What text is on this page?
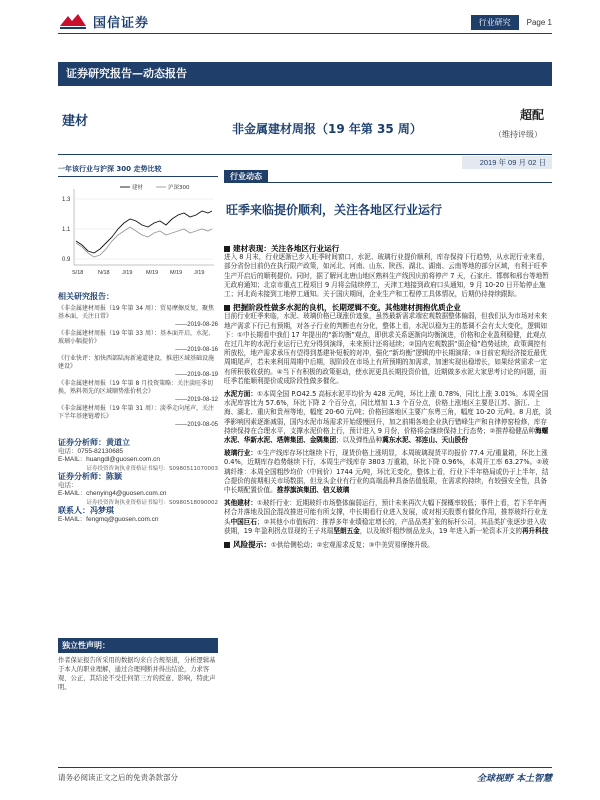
国信证券	行业研究	Page 1
证券研究报告—动态报告
建材	非金属建材周报（19 年第 35 周）
超配
（维持评级）
2019 年 09 月 02 日
一年该行业与沪深 300 走势比较
1.3
1.1
0.9
S/18	N/18 J/19 M/19 M/19 J/19
建材	沪深300
相关研究报告：
《非金属建材周报（19 年第 34 周）：贸易摩擦反复，聚焦基本面，关注日常》
——2019-08-26
《非金属建材周报（19 年第 33 周）：基本面开启，水泥、玻璃小幅提价》
——2019-08-16
《行业快评：加快西部陆海新通道建设，推进区域基础设施建设》
——2019-08-19
《非金属建材周报（19 年第 8 月投资策略：关注淡旺季切换，熟料领先的区域顺势涨价机会》
——2019-08-12
《非金属建材周报（19 年第 31 周）：淡季走向尾声，关注下半年基建链增长》
——2019-08-05
证券分析师：黄道立
电话：0755-82130685
E-MAIL：huangdl@guosen.com.cn
证券投资咨询执业资格证书编号：S0980511070003
证券分析师：陈颖
电话：
E-MAIL：chenying4@guosen.com.cn
证券投资咨询执业资格证书编号：S0980518090002
联系人：冯梦琪
E-MAIL：fengmq@guosen.com.cn
独立性声明：
作者保证报告所采用的数据均来自合规渠道，分析逻辑基于本人的职业理解，通过合理判断并得出结论，力求客观、公正，其结论不受任何第三方的授意、影响，特此声明。
行业动态
旺季来临提价顺利，关注各地区行业运行
建材表现：关注各地区行业运行
进入 8 月末，行业逐渐已步入旺季时间窗口，水泥、玻璃行业提价顺利，库存保持下行趋势，从水泥行业来看，部分省份目前仍在执行限产政策，如河北、河南、山东、陕西、湖北、湖南、云南等地的部分区域，有利于旺季生产开启后的顺利提价。同时，据了解河北唐山地区熟料生产线因庆前将停产 7 天，石家庄、邯郸和邢台等地暂无政府通知；北京市重点工程项目 9 月将会陆续停工，天津工地接到政府口头通知，9 月 10-20 日开始停止施工；河北尚未接到工地停工通知。关于国庆期间，企业生产和工程停工具体情况，后期仍待持续跟踪。
把握阶段性做多水泥的良机，长期逻辑不变。其他建材拥抱优质企业
目前行业旺季来临，水泥、玻璃价格已现涨价迹象，虽然最新需求端宏观数据整体偏弱，但我们认为市场对未来地产需求下行已有预期，对各子行业的判断也有分化，整体上看，水泥以稳为主的基调不会有太大变化，逻辑如下：①中长期看中我们 17 年提出的“新均衡”观点，即供求关系逐渐向均衡演进，价格和企业盈利稳健，此观点在过几年的水泥行业运行已充分得到演绎，未来预计还将延续；②国内宏观数据“弱企稳”趋势延续，政策调控有所放松，地产需求承压有望得到基建补短板的对冲，强化“新均衡”逻辑的中长期演绎；③目前宏观经济接近最优周期尾声，若未来利用周期中后期，现阶段在市场上有所预期的加需求，加速实现出稳增长，如果经营需求一定有所积极收获的。④当下有积极的政策驱动，使水泥更具长期投资价值，近期做多水泥大家思考讨论的问题，而旺季若能顺利提价或成阶段性做多催化。
水泥方面：①本周全国 P.O42.5 高标水泥平均价为 428 元/吨，环比上涨 0.78%，同比上涨 3.01%。本周全国水泥库容比为 57.6%，环比下降 2 个百分点，同比增加 1.3 个百分点，价格上涨地区主要是江苏、浙江、上海、湖北、重庆和贵州等地，幅度 20-60 元/吨；价格回落地区主要广东粤三角，幅度 10-20 元/吨。8 月底，淡季影响因素逐渐减弱，国内水泥市场需求开始缓慢回升，加之前期各地企业执行错峰生产和自律停窑检修，库存持续保持在合理水平，支撑水泥价格上行，预计进入 9 月份，价格将会继续保持上行态势；②推荐稳健品种海螺水泥、华新水泥、塔牌集团、金隅集团；以及弹性品种冀东水泥、祁连山、天山股份
玻璃行业：①生产线库存环比继续下行，现货价格上涨明显，本周玻璃现货平均报价 77.4 元/重量箱，环比上涨 0.4%，近期库存趋势继续下行，本周生产线库存 3803 万重箱，环比下降 0.96%，本周开工率 63.27%。②玻璃纤维：本周全国粗纱均价（中间价）1744 元/吨，环比无变化，整体上看，行业下半年格局或仍于上半年，结合提价的前期相关市场数据，但龙头企业有行业的高端品种具备估值低限，在需求的持续，有较强安全性，具备中长期配置价值。推荐旗滨集团、信义玻璃
其他建材：①玻纤行业：近期玻纤市场整体偏弱运行，预计未来再次大幅下探概率较低；事件上看，若下半年两材合并落地及国企混改推进可能有所支撑，中长期看行业进入发展，或对相关股票有催化作用，推荐玻纤行业龙头中国巨石；②其他小市值标的：推荐多年业绩稳定增长的，产品品类扩张的标杆公司，其品类扩张逐步进入收获期，19 年盈利拐点显现的王子兆瑞坚朗五金，以及玻纤粗纱制品龙头，19 年进入新一轮资本开支的再升科技
风险提示：①供给侧松动；②宏观需求反复；③中美贸易摩擦升级。
请务必阅读正文之后的免责条款部分	全球视野 本土智慧
